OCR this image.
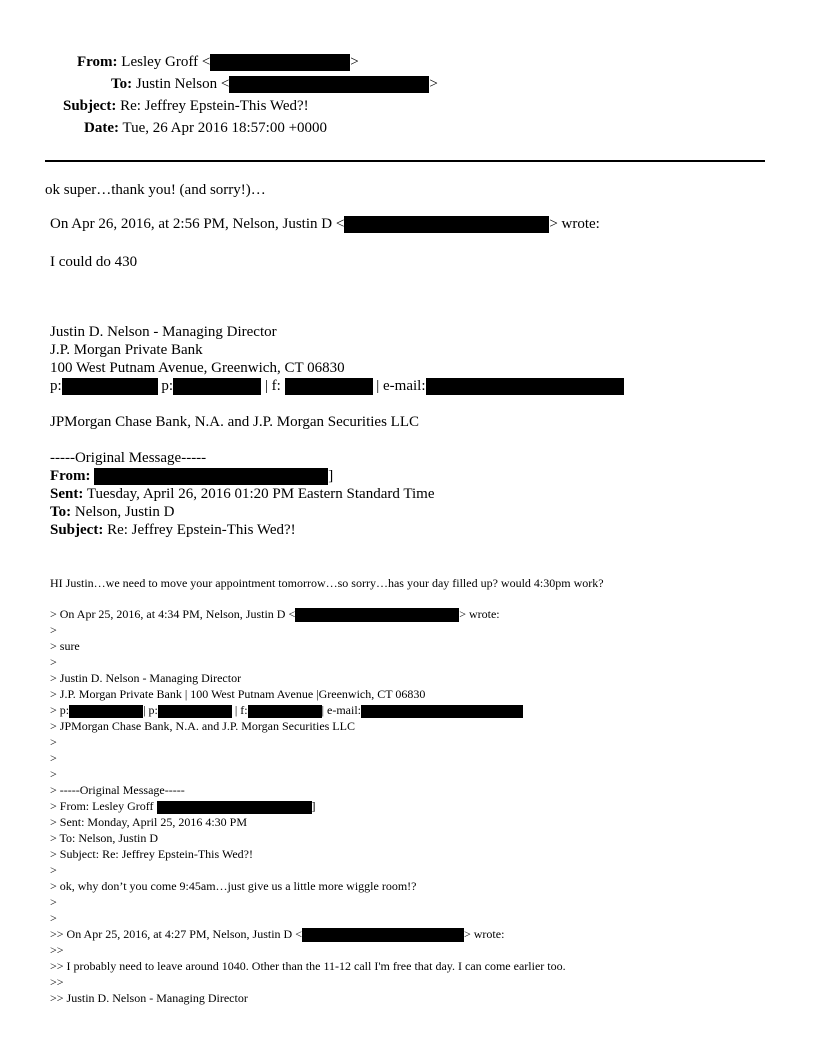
From: Lesley Groff <	>
To: Justin Nelson <	>
Subject: Re: Jeffrey Epstein-This Wed?!
Date: Tue, 26 Apr 2016 18:57:00 +0000
ok super…thank you! (and sorry!)…
On Apr 26, 2016, at 2:56 PM, Nelson, Justin D <	> wrote:
I could do 430
Justin D. Nelson - Managing Director
J.P. Morgan Private Bank
100 West Putnam Avenue, Greenwich, CT 06830
p:	p:	| f:	| e-mail:
JPMorgan Chase Bank, N.A. and J.P. Morgan Securities LLC
-----Original Message-----
From:	]
Sent: Tuesday, April 26, 2016 01:20 PM Eastern Standard Time
To: Nelson, Justin D
Subject: Re: Jeffrey Epstein-This Wed?!
HI Justin…we need to move your appointment tomorrow…so sorry…has your day filled up? would 4:30pm work?
> On Apr 25, 2016, at 4:34 PM, Nelson, Justin D <	> wrote:
>
> sure
>
> Justin D. Nelson - Managing Director
> J.P. Morgan Private Bank | 100 West Putnam Avenue |Greenwich, CT 06830
> p:	| p:	| f:	| e-mail:
> JPMorgan Chase Bank, N.A. and J.P. Morgan Securities LLC
>
>
>
> -----Original Message-----
> From: Lesley Groff	]
> Sent: Monday, April 25, 2016 4:30 PM
> To: Nelson, Justin D
> Subject: Re: Jeffrey Epstein-This Wed?!
>
> ok, why don’t you come 9:45am…just give us a little more wiggle room!?
>
>
>> On Apr 25, 2016, at 4:27 PM, Nelson, Justin D <	> wrote:
>>
>> I probably need to leave around 1040. Other than the 11-12 call I'm free that day. I can come earlier too.
>>
>> Justin D. Nelson - Managing Director
